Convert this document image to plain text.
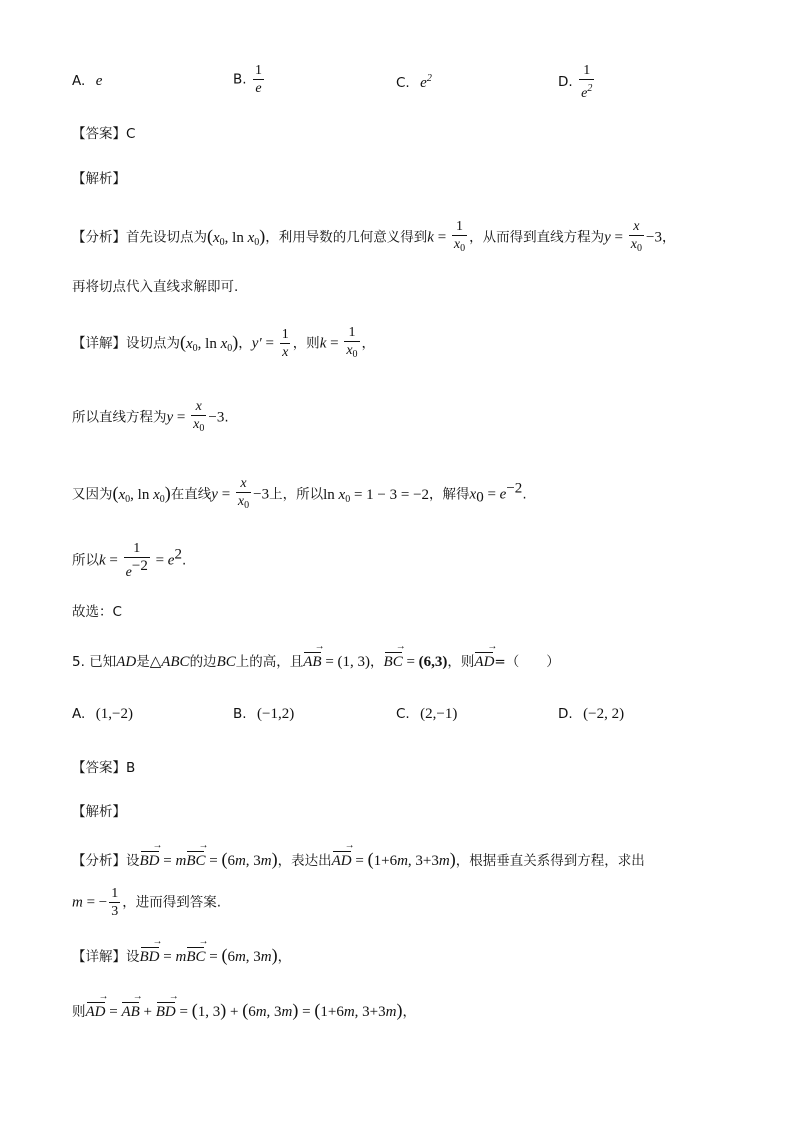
A. e	B. $\frac{1}{e}$	C. $e^2$	D. $\frac{1}{e^2}$
【答案】C
【解析】
【分析】首先设切点为($x_0$, $\ln x_0$)，利用导数的几何意义得到$k = \frac{1}{x_0}$ ，从而得到直线方程为$y = \frac{x}{x_0} -3$，
再将切点代入直线求解即可.
【详解】设切点为($x_0$, $\ln x_0$)，$y' = \frac{1}{x}$ ，则$k = \frac{1}{x_0}$ ，
所以直线方程为$y = \frac{x}{x_0} -3$.
又因为($x_0$, $\ln x_0$)在直线$y = \frac{x}{x_0} -3$上，所以$\ln x_0 = 1 - 3 = -2$，解得$x_0 = e^{-2}$.
所以$k = \frac{1}{e^{-2}} = e^2$.
故选：C
5. 已知AD是△ABC的边BC上的高，且AB → = (1, 3)，BC → = (6,3)，则AD →=（　　）
A. (1,−2)	B. (−1,2)	C. (2,−1)	D. (−2, 2)
【答案】B
【解析】
【分析】设BD → = mBC → = (6m, 3m)，表达出AD → = (1+6m, 3+3m)，根据垂直关系得到方程，求出
m = − $\frac{1}{3}$ ，进而得到答案.
【详解】设BD → = mBC → = (6m, 3m)，
则AD → = AB → + BD → = (1, 3) + (6m, 3m) = (1+6m, 3+3m)，
